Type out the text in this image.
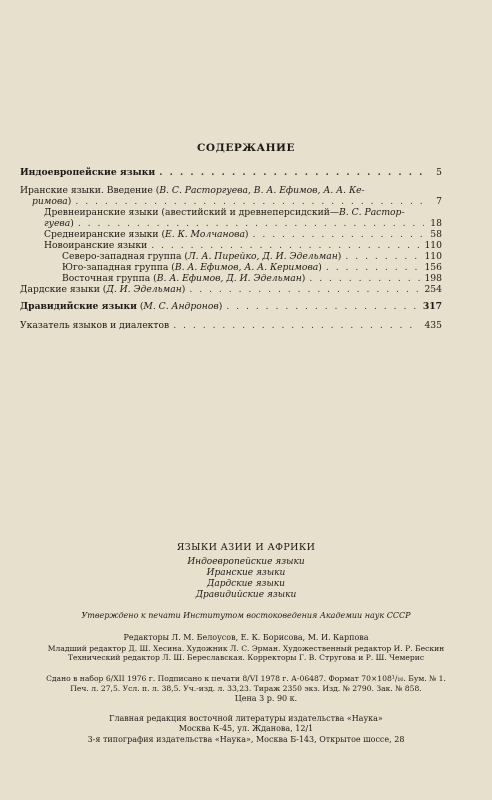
СОДЕРЖАНИЕ
Индоевропейские языки . . .	5
Иранские языки. Введение (В. С. Расторгуева, В. А. Ефимов, А. А. Ке-
римова) . . .	7
Древнеиранские языки (авестийский и древнеперсидский—В. С. Растор-
гуева) . . .	18
Среднеиранские языки (Е. К. Молчанова) . . .	58
Новоиранские языки . . .	110
Северо-западная группа (Л. А. Пирейко, Д. И. Эдельман) . . .	110
Юго-западная группа (В. А. Ефимов, А. А. Керимова) . . .	156
Восточная группа (В. А. Ефимов, Д. И. Эдельман) . . .	198
Дардские языки (Д. И. Эдельман) . . .	254
Дравидийские языки (М. С. Андронов) . . .	317
Указатель языков и диалектов . . .	435
ЯЗЫКИ АЗИИ И АФРИКИ
Индоевропейские языки
Иранские языки
Дардские языки
Дравидийские языки
Утверждено к печати Институтом востоковедения Академии наук СССР
Редакторы Л. М. Белоусов, Е. К. Борисова, М. И. Карпова
Младший редактор Д. Ш. Хесина. Художник Л. С. Эрман. Художественный редактор И. Р. Бескин
Технический редактор Л. Ш. Береславская. Корректоры Г. В. Стругова и Р. Ш. Чемерис
Сдано в набор 6/XII 1976 г. Подписано к печати 8/VI 1978 г. А-06487. Формат 70×108¹/₁₆. Бум. № 1.
Печ. л. 27,5. Усл. п. л. 38,5. Уч.-изд. л. 33,23. Тираж 2350 экз. Изд. № 2790. Зак. № 858.
Цена 3 р. 90 к.
Главная редакция восточной литературы издательства «Наука»
Москва К-45, ул. Жданова, 12/1
3-я типография издательства «Наука», Москва Б-143, Открытое шоссе, 28
